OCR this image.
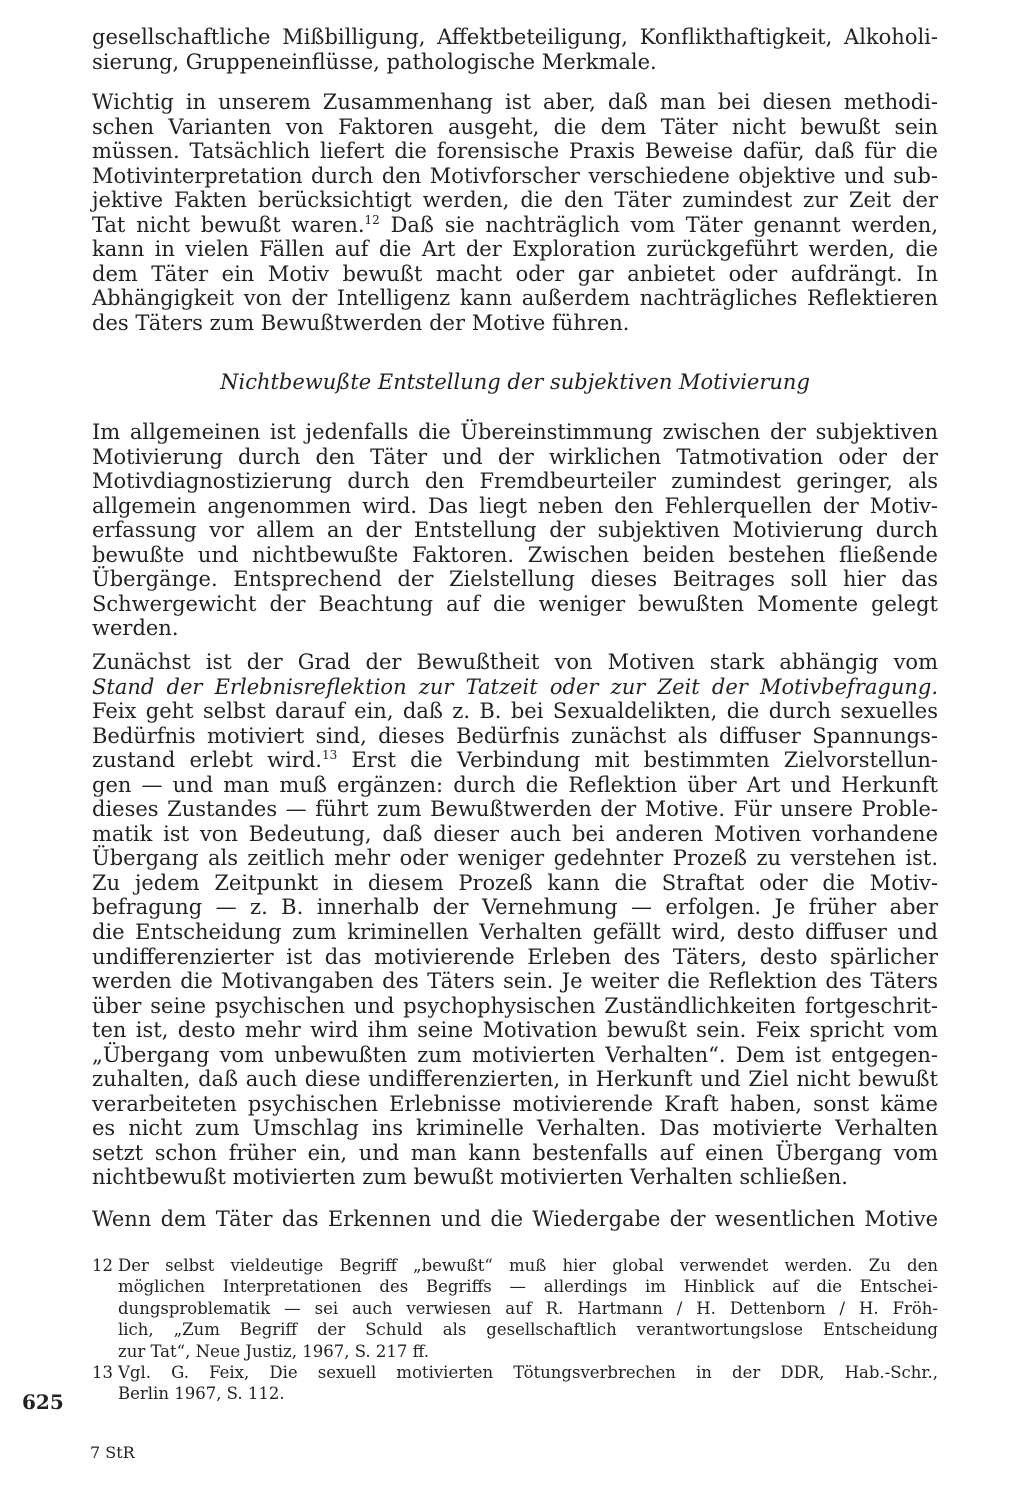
gesellschaftliche Mißbilligung, Affektbeteiligung, Konflikthaftigkeit, Alkoholi-
sierung, Gruppeneinflüsse, pathologische Merkmale.
Wichtig in unserem Zusammenhang ist aber, daß man bei diesen methodi-
schen Varianten von Faktoren ausgeht, die dem Täter nicht bewußt sein
müssen. Tatsächlich liefert die forensische Praxis Beweise dafür, daß für die
Motivinterpretation durch den Motivforscher verschiedene objektive und sub-
jektive Fakten berücksichtigt werden, die den Täter zumindest zur Zeit der
Tat nicht bewußt waren.$^{12}$ Daß sie nachträglich vom Täter genannt werden,
kann in vielen Fällen auf die Art der Exploration zurückgeführt werden, die
dem Täter ein Motiv bewußt macht oder gar anbietet oder aufdrängt. In
Abhängigkeit von der Intelligenz kann außerdem nachträgliches Reflektieren
des Täters zum Bewußtwerden der Motive führen.
Nichtbewußte Entstellung der subjektiven Motivierung
Im allgemeinen ist jedenfalls die Übereinstimmung zwischen der subjektiven
Motivierung durch den Täter und der wirklichen Tatmotivation oder der
Motivdiagnostizierung durch den Fremdbeurteiler zumindest geringer, als
allgemein angenommen wird. Das liegt neben den Fehlerquellen der Motiv-
erfassung vor allem an der Entstellung der subjektiven Motivierung durch
bewußte und nichtbewußte Faktoren. Zwischen beiden bestehen fließende
Übergänge. Entsprechend der Zielstellung dieses Beitrages soll hier das
Schwergewicht der Beachtung auf die weniger bewußten Momente gelegt
werden.
Zunächst ist der Grad der Bewußtheit von Motiven stark abhängig vom
Stand der Erlebnisreflektion zur Tatzeit oder zur Zeit der Motivbefragung.
Feix geht selbst darauf ein, daß z. B. bei Sexualdelikten, die durch sexuelles
Bedürfnis motiviert sind, dieses Bedürfnis zunächst als diffuser Spannungs-
zustand erlebt wird.$^{13}$ Erst die Verbindung mit bestimmten Zielvorstellun-
gen — und man muß ergänzen: durch die Reflektion über Art und Herkunft
dieses Zustandes — führt zum Bewußtwerden der Motive. Für unsere Proble-
matik ist von Bedeutung, daß dieser auch bei anderen Motiven vorhandene
Übergang als zeitlich mehr oder weniger gedehnter Prozeß zu verstehen ist.
Zu jedem Zeitpunkt in diesem Prozeß kann die Straftat oder die Motiv-
befragung — z. B. innerhalb der Vernehmung — erfolgen. Je früher aber
die Entscheidung zum kriminellen Verhalten gefällt wird, desto diffuser und
undifferenzierter ist das motivierende Erleben des Täters, desto spärlicher
werden die Motivangaben des Täters sein. Je weiter die Reflektion des Täters
über seine psychischen und psychophysischen Zuständlichkeiten fortgeschrit-
ten ist, desto mehr wird ihm seine Motivation bewußt sein. Feix spricht vom
„Übergang vom unbewußten zum motivierten Verhalten“. Dem ist entgegen-
zuhalten, daß auch diese undifferenzierten, in Herkunft und Ziel nicht bewußt
verarbeiteten psychischen Erlebnisse motivierende Kraft haben, sonst käme
es nicht zum Umschlag ins kriminelle Verhalten. Das motivierte Verhalten
setzt schon früher ein, und man kann bestenfalls auf einen Übergang vom
nichtbewußt motivierten zum bewußt motivierten Verhalten schließen.
Wenn dem Täter das Erkennen und die Wiedergabe der wesentlichen Motive
12 Der selbst vieldeutige Begriff „bewußt“ muß hier global verwendet werden. Zu den
möglichen Interpretationen des Begriffs — allerdings im Hinblick auf die Entschei-
dungsproblematik — sei auch verwiesen auf R. Hartmann / H. Dettenborn / H. Fröh-
lich, „Zum Begriff der Schuld als gesellschaftlich verantwortungslose Entscheidung
zur Tat“, Neue Justiz, 1967, S. 217 ff.
13 Vgl. G. Feix, Die sexuell motivierten Tötungsverbrechen in der DDR, Hab.-Schr.,
Berlin 1967, S. 112.
625
7 StR
